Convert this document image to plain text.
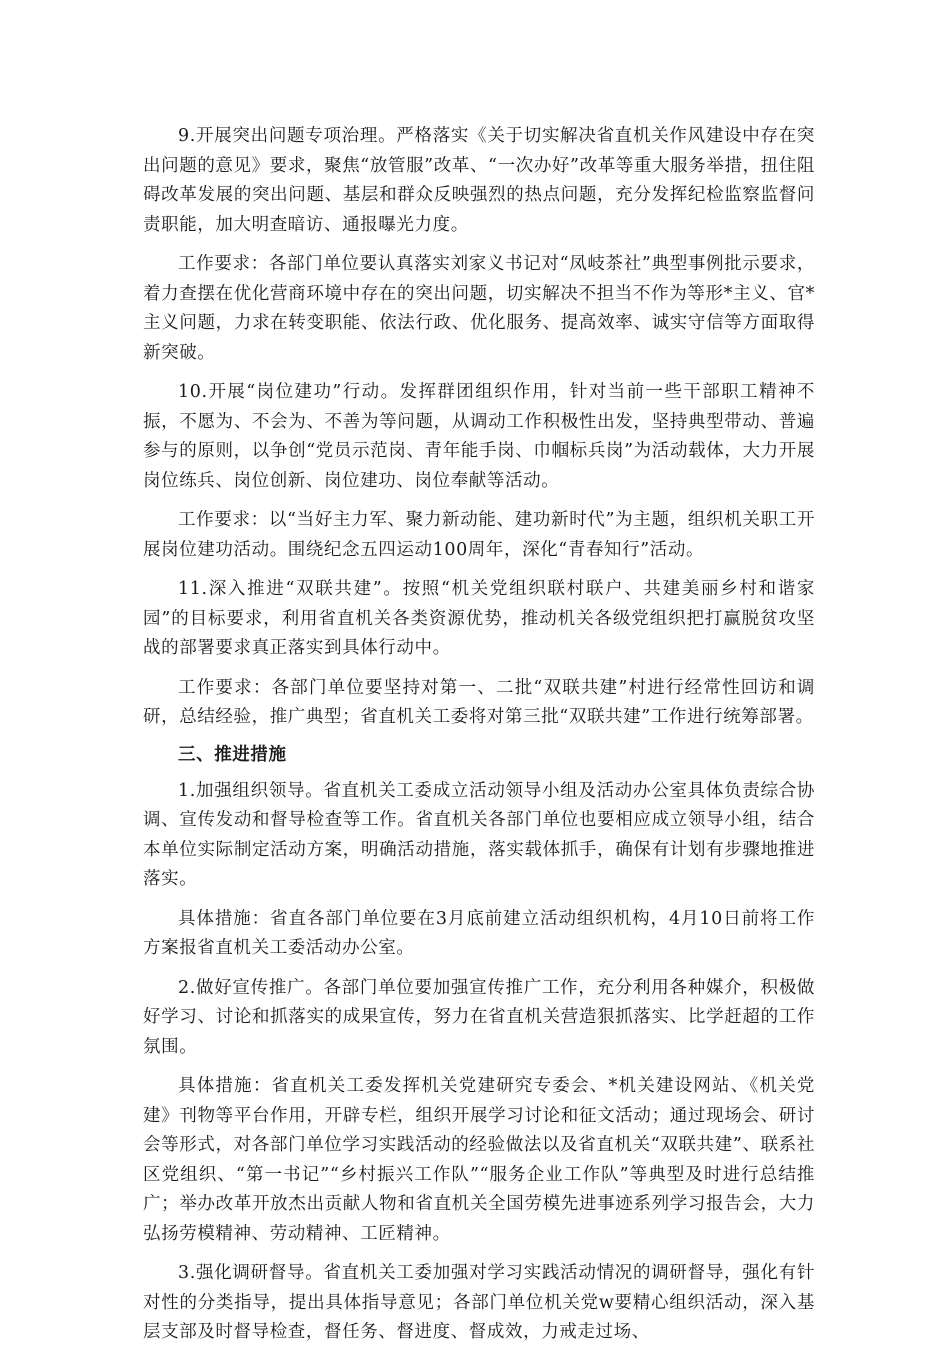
9.开展突出问题专项治理。严格落实《关于切实解决省直机关作风建设中存在突出问题的意见》要求，聚焦“放管服”改革、“一次办好”改革等重大服务举措，扭住阻碍改革发展的突出问题、基层和群众反映强烈的热点问题，充分发挥纪检监察监督问责职能，加大明查暗访、通报曝光力度。

工作要求：各部门单位要认真落实刘家义书记对“凤岐茶社”典型事例批示要求，着力查摆在优化营商环境中存在的突出问题，切实解决不担当不作为等形*主义、官*主义问题，力求在转变职能、依法行政、优化服务、提高效率、诚实守信等方面取得新突破。

10.开展“岗位建功”行动。发挥群团组织作用，针对当前一些干部职工精神不振，不愿为、不会为、不善为等问题，从调动工作积极性出发，坚持典型带动、普遍参与的原则，以争创“党员示范岗、青年能手岗、巾帼标兵岗”为活动载体，大力开展岗位练兵、岗位创新、岗位建功、岗位奉献等活动。

工作要求：以“当好主力军、聚力新动能、建功新时代”为主题，组织机关职工开展岗位建功活动。围绕纪念五四运动100周年，深化“青春知行”活动。

11.深入推进“双联共建”。按照“机关党组织联村联户、共建美丽乡村和谐家园”的目标要求，利用省直机关各类资源优势，推动机关各级党组织把打赢脱贫攻坚战的部署要求真正落实到具体行动中。

工作要求：各部门单位要坚持对第一、二批“双联共建”村进行经常性回访和调研，总结经验，推广典型；省直机关工委将对第三批“双联共建”工作进行统筹部署。

三、推进措施

1.加强组织领导。省直机关工委成立活动领导小组及活动办公室具体负责综合协调、宣传发动和督导检查等工作。省直机关各部门单位也要相应成立领导小组，结合本单位实际制定活动方案，明确活动措施，落实载体抓手，确保有计划有步骤地推进落实。

具体措施：省直各部门单位要在3月底前建立活动组织机构，4月10日前将工作方案报省直机关工委活动办公室。

2.做好宣传推广。各部门单位要加强宣传推广工作，充分利用各种媒介，积极做好学习、讨论和抓落实的成果宣传，努力在省直机关营造狠抓落实、比学赶超的工作氛围。

具体措施：省直机关工委发挥机关党建研究专委会、*机关建设网站、《机关党建》刊物等平台作用，开辟专栏，组织开展学习讨论和征文活动；通过现场会、研讨会等形式，对各部门单位学习实践活动的经验做法以及省直机关“双联共建”、联系社区党组织、“第一书记”“乡村振兴工作队”“服务企业工作队”等典型及时进行总结推广；举办改革开放杰出贡献人物和省直机关全国劳模先进事迹系列学习报告会，大力弘扬劳模精神、劳动精神、工匠精神。

3.强化调研督导。省直机关工委加强对学习实践活动情况的调研督导，强化有针对性的分类指导，提出具体指导意见；各部门单位机关党w要精心组织活动，深入基层支部及时督导检查，督任务、督进度、督成效，力戒走过场、
